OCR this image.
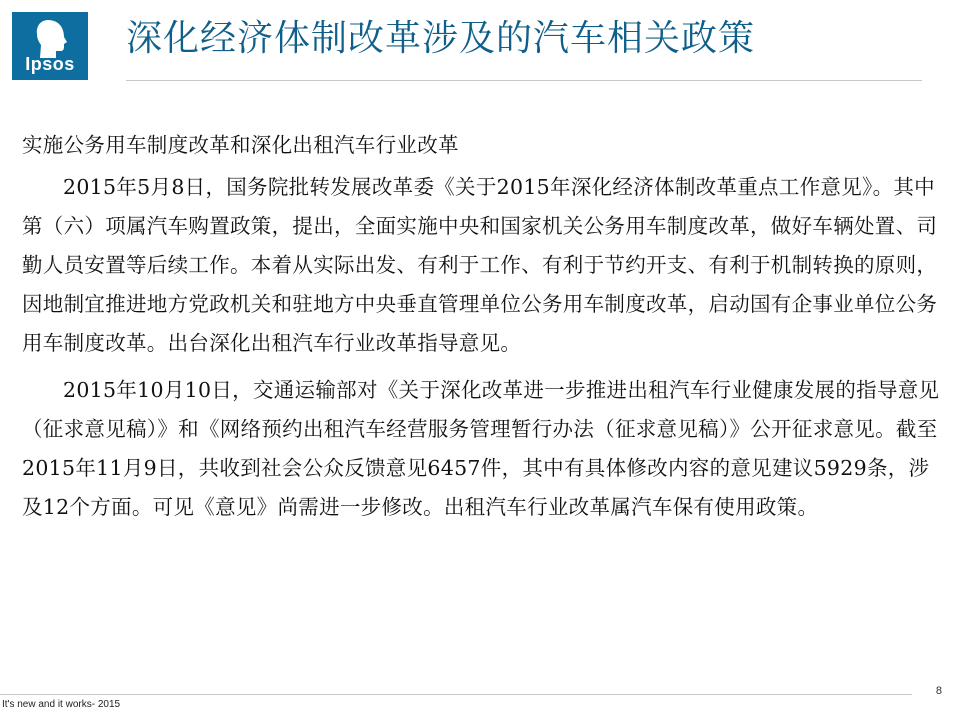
Ipsos
深化经济体制改革涉及的汽车相关政策

实施公务用车制度改革和深化出租汽车行业改革

2015年5月8日，国务院批转发展改革委《关于2015年深化经济体制改革重点工作意见》。其中第（六）项属汽车购置政策，提出，全面实施中央和国家机关公务用车制度改革，做好车辆处置、司勤人员安置等后续工作。本着从实际出发、有利于工作、有利于节约开支、有利于机制转换的原则，因地制宜推进地方党政机关和驻地方中央垂直管理单位公务用车制度改革，启动国有企事业单位公务用车制度改革。出台深化出租汽车行业改革指导意见。

2015年10月10日，交通运输部对《关于深化改革进一步推进出租汽车行业健康发展的指导意见（征求意见稿）》和《网络预约出租汽车经营服务管理暂行办法（征求意见稿）》公开征求意见。截至2015年11月9日，共收到社会公众反馈意见6457件，其中有具体修改内容的意见建议5929条，涉及12个方面。可见《意见》尚需进一步修改。出租汽车行业改革属汽车保有使用政策。

It's new and it works- 2015
8
